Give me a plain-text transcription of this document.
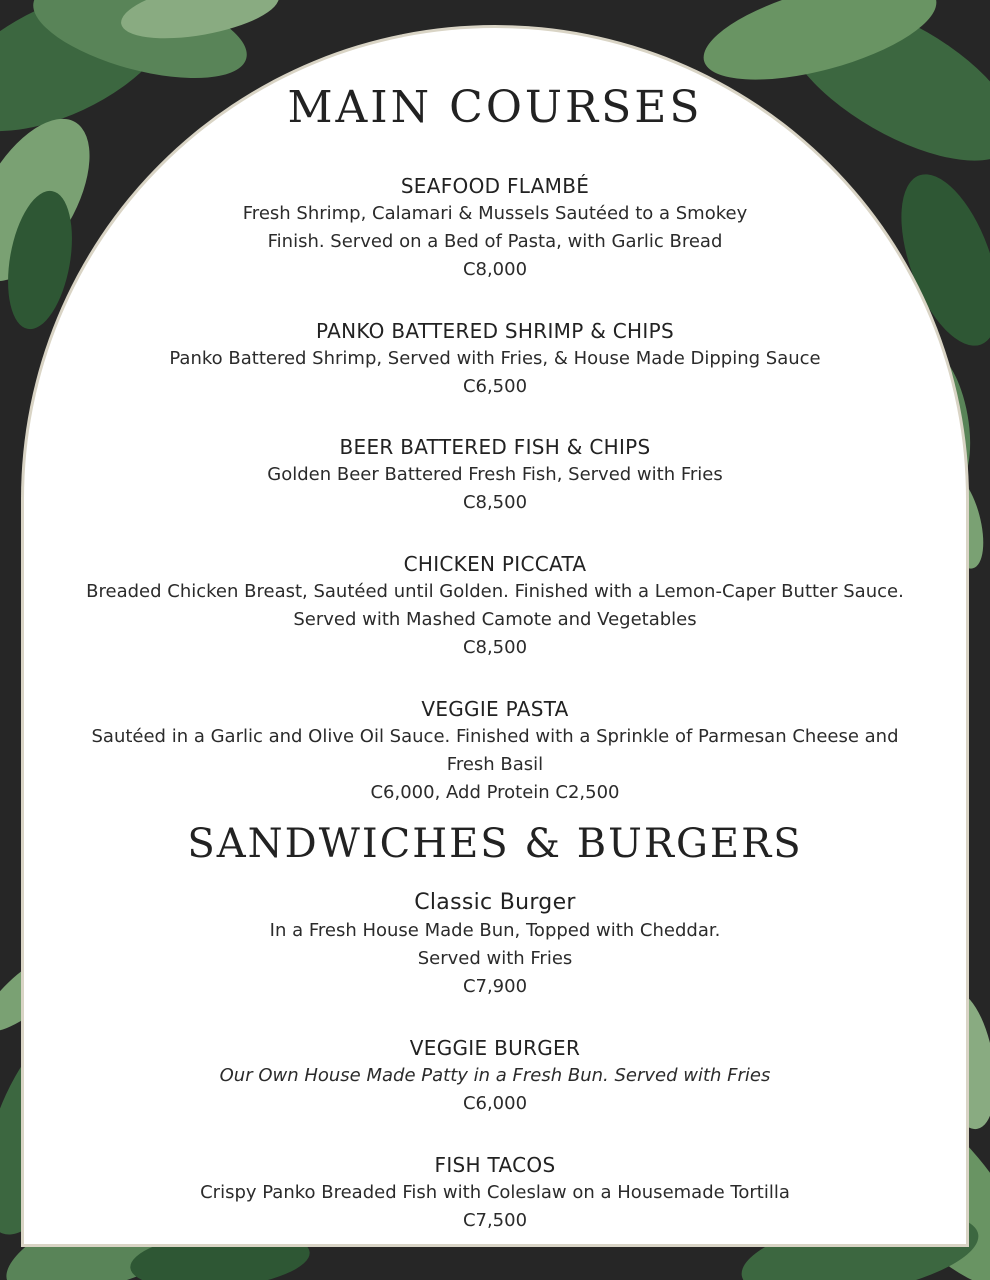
MAIN COURSES
SEAFOOD FLAMBÉ
Fresh Shrimp, Calamari & Mussels Sautéed to a Smokey
Finish. Served on a Bed of Pasta, with Garlic Bread
C8,000
PANKO BATTERED SHRIMP & CHIPS
Panko Battered Shrimp, Served with Fries, & House Made Dipping Sauce
C6,500
BEER BATTERED FISH & CHIPS
Golden Beer Battered Fresh Fish, Served with Fries
C8,500
CHICKEN PICCATA
Breaded Chicken Breast, Sautéed until Golden. Finished with a Lemon-Caper Butter Sauce.
Served with Mashed Camote and Vegetables
C8,500
VEGGIE PASTA
Sautéed in a Garlic and Olive Oil Sauce. Finished with a Sprinkle of Parmesan Cheese and
Fresh Basil
C6,000, Add Protein C2,500
SANDWICHES & BURGERS
Classic Burger
In a Fresh House Made Bun, Topped with Cheddar.
Served with Fries
C7,900
VEGGIE BURGER
Our Own House Made Patty in a Fresh Bun. Served with Fries
C6,000
FISH TACOS
Crispy Panko Breaded Fish with Coleslaw on a Housemade Tortilla
C7,500
